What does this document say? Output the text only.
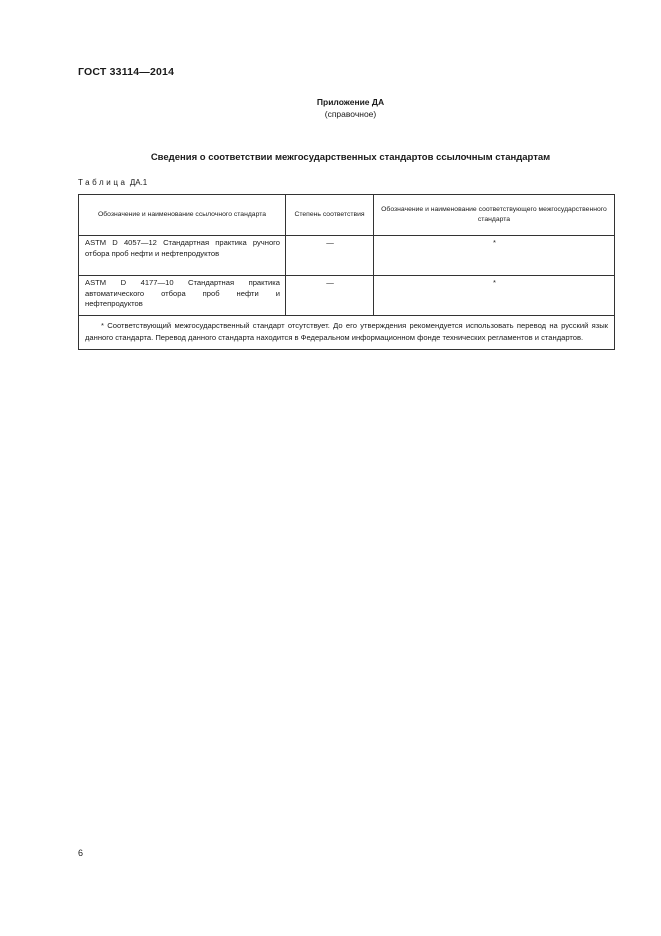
ГОСТ 33114—2014
Приложение ДА
(справочное)
Сведения о соответствии межгосударственных стандартов ссылочным стандартам
Таблица ДА.1
Обозначение и наименование ссылочного стандарта	Степень соответствия	Обозначение и наименование соответствующего межгосударственного стандарта
ASTM D 4057—12 Стандартная практика ручного отбора проб нефти и нефтепродуктов	—	*
ASTM D 4177—10 Стандартная практика автоматического отбора проб нефти и нефтепродуктов	—	*
* Соответствующий межгосударственный стандарт отсутствует. До его утверждения рекомендуется использовать перевод на русский язык данного стандарта. Перевод данного стандарта находится в Федеральном информационном фонде технических регламентов и стандартов.		
6
